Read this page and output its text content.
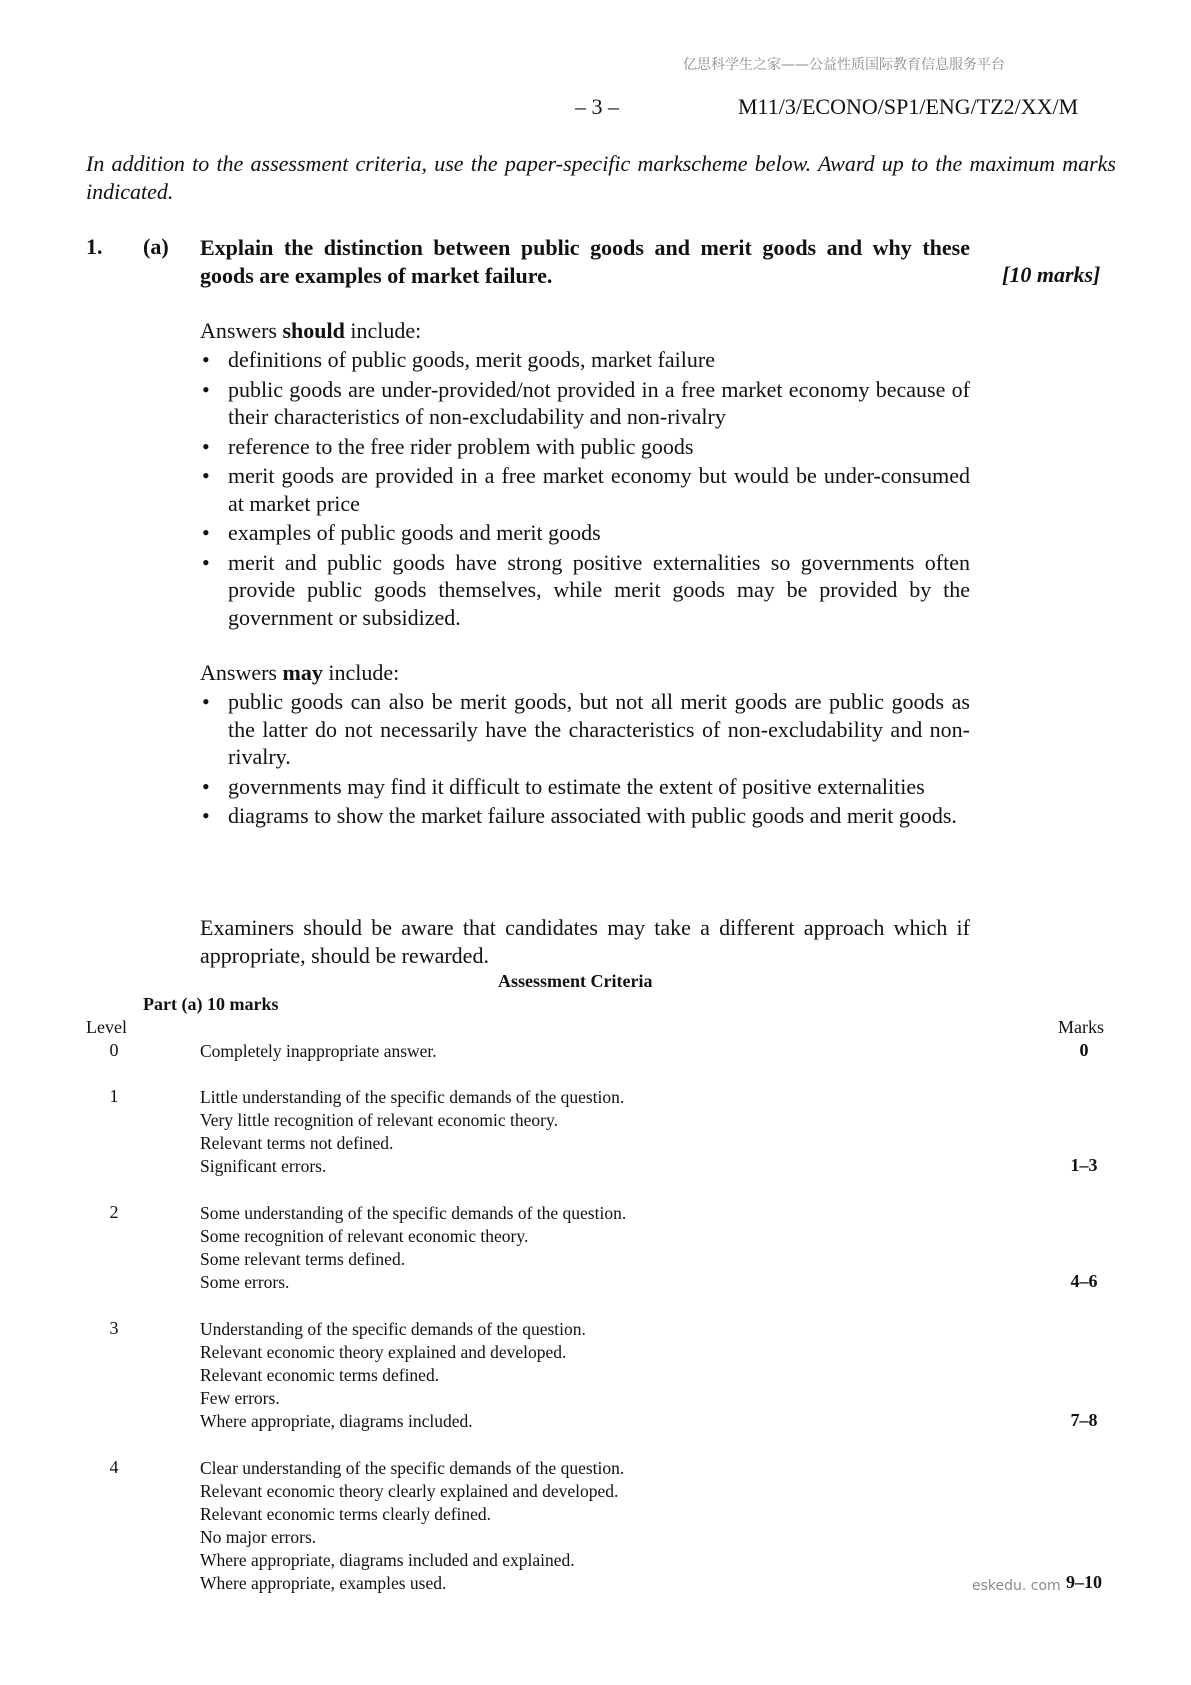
亿思科学生之家——公益性质国际教育信息服务平台
– 3 –	M11/3/ECONO/SP1/ENG/TZ2/XX/M
In addition to the assessment criteria, use the paper-specific markscheme below. Award up to the maximum marks indicated.
1. (a) Explain the distinction between public goods and merit goods and why these goods are examples of market failure.	[10 marks]
Answers should include:
• definitions of public goods, merit goods, market failure
• public goods are under-provided/not provided in a free market economy because of their characteristics of non-excludability and non-rivalry
• reference to the free rider problem with public goods
• merit goods are provided in a free market economy but would be under-consumed at market price
• examples of public goods and merit goods
• merit and public goods have strong positive externalities so governments often provide public goods themselves, while merit goods may be provided by the government or subsidized.
Answers may include:
• public goods can also be merit goods, but not all merit goods are public goods as the latter do not necessarily have the characteristics of non-excludability and non-rivalry.
• governments may find it difficult to estimate the extent of positive externalities
• diagrams to show the market failure associated with public goods and merit goods.
Examiners should be aware that candidates may take a different approach which if appropriate, should be rewarded.
Assessment Criteria
Part (a) 10 marks
Level	Marks
0	Completely inappropriate answer.	0
1	Little understanding of the specific demands of the question.
Very little recognition of relevant economic theory.
Relevant terms not defined.
Significant errors.	1–3
2	Some understanding of the specific demands of the question.
Some recognition of relevant economic theory.
Some relevant terms defined.
Some errors.	4–6
3	Understanding of the specific demands of the question.
Relevant economic theory explained and developed.
Relevant economic terms defined.
Few errors.
Where appropriate, diagrams included.	7–8
4	Clear understanding of the specific demands of the question.
Relevant economic theory clearly explained and developed.
Relevant economic terms clearly defined.
No major errors.
Where appropriate, diagrams included and explained.
Where appropriate, examples used.	9–10
eskedu. com
